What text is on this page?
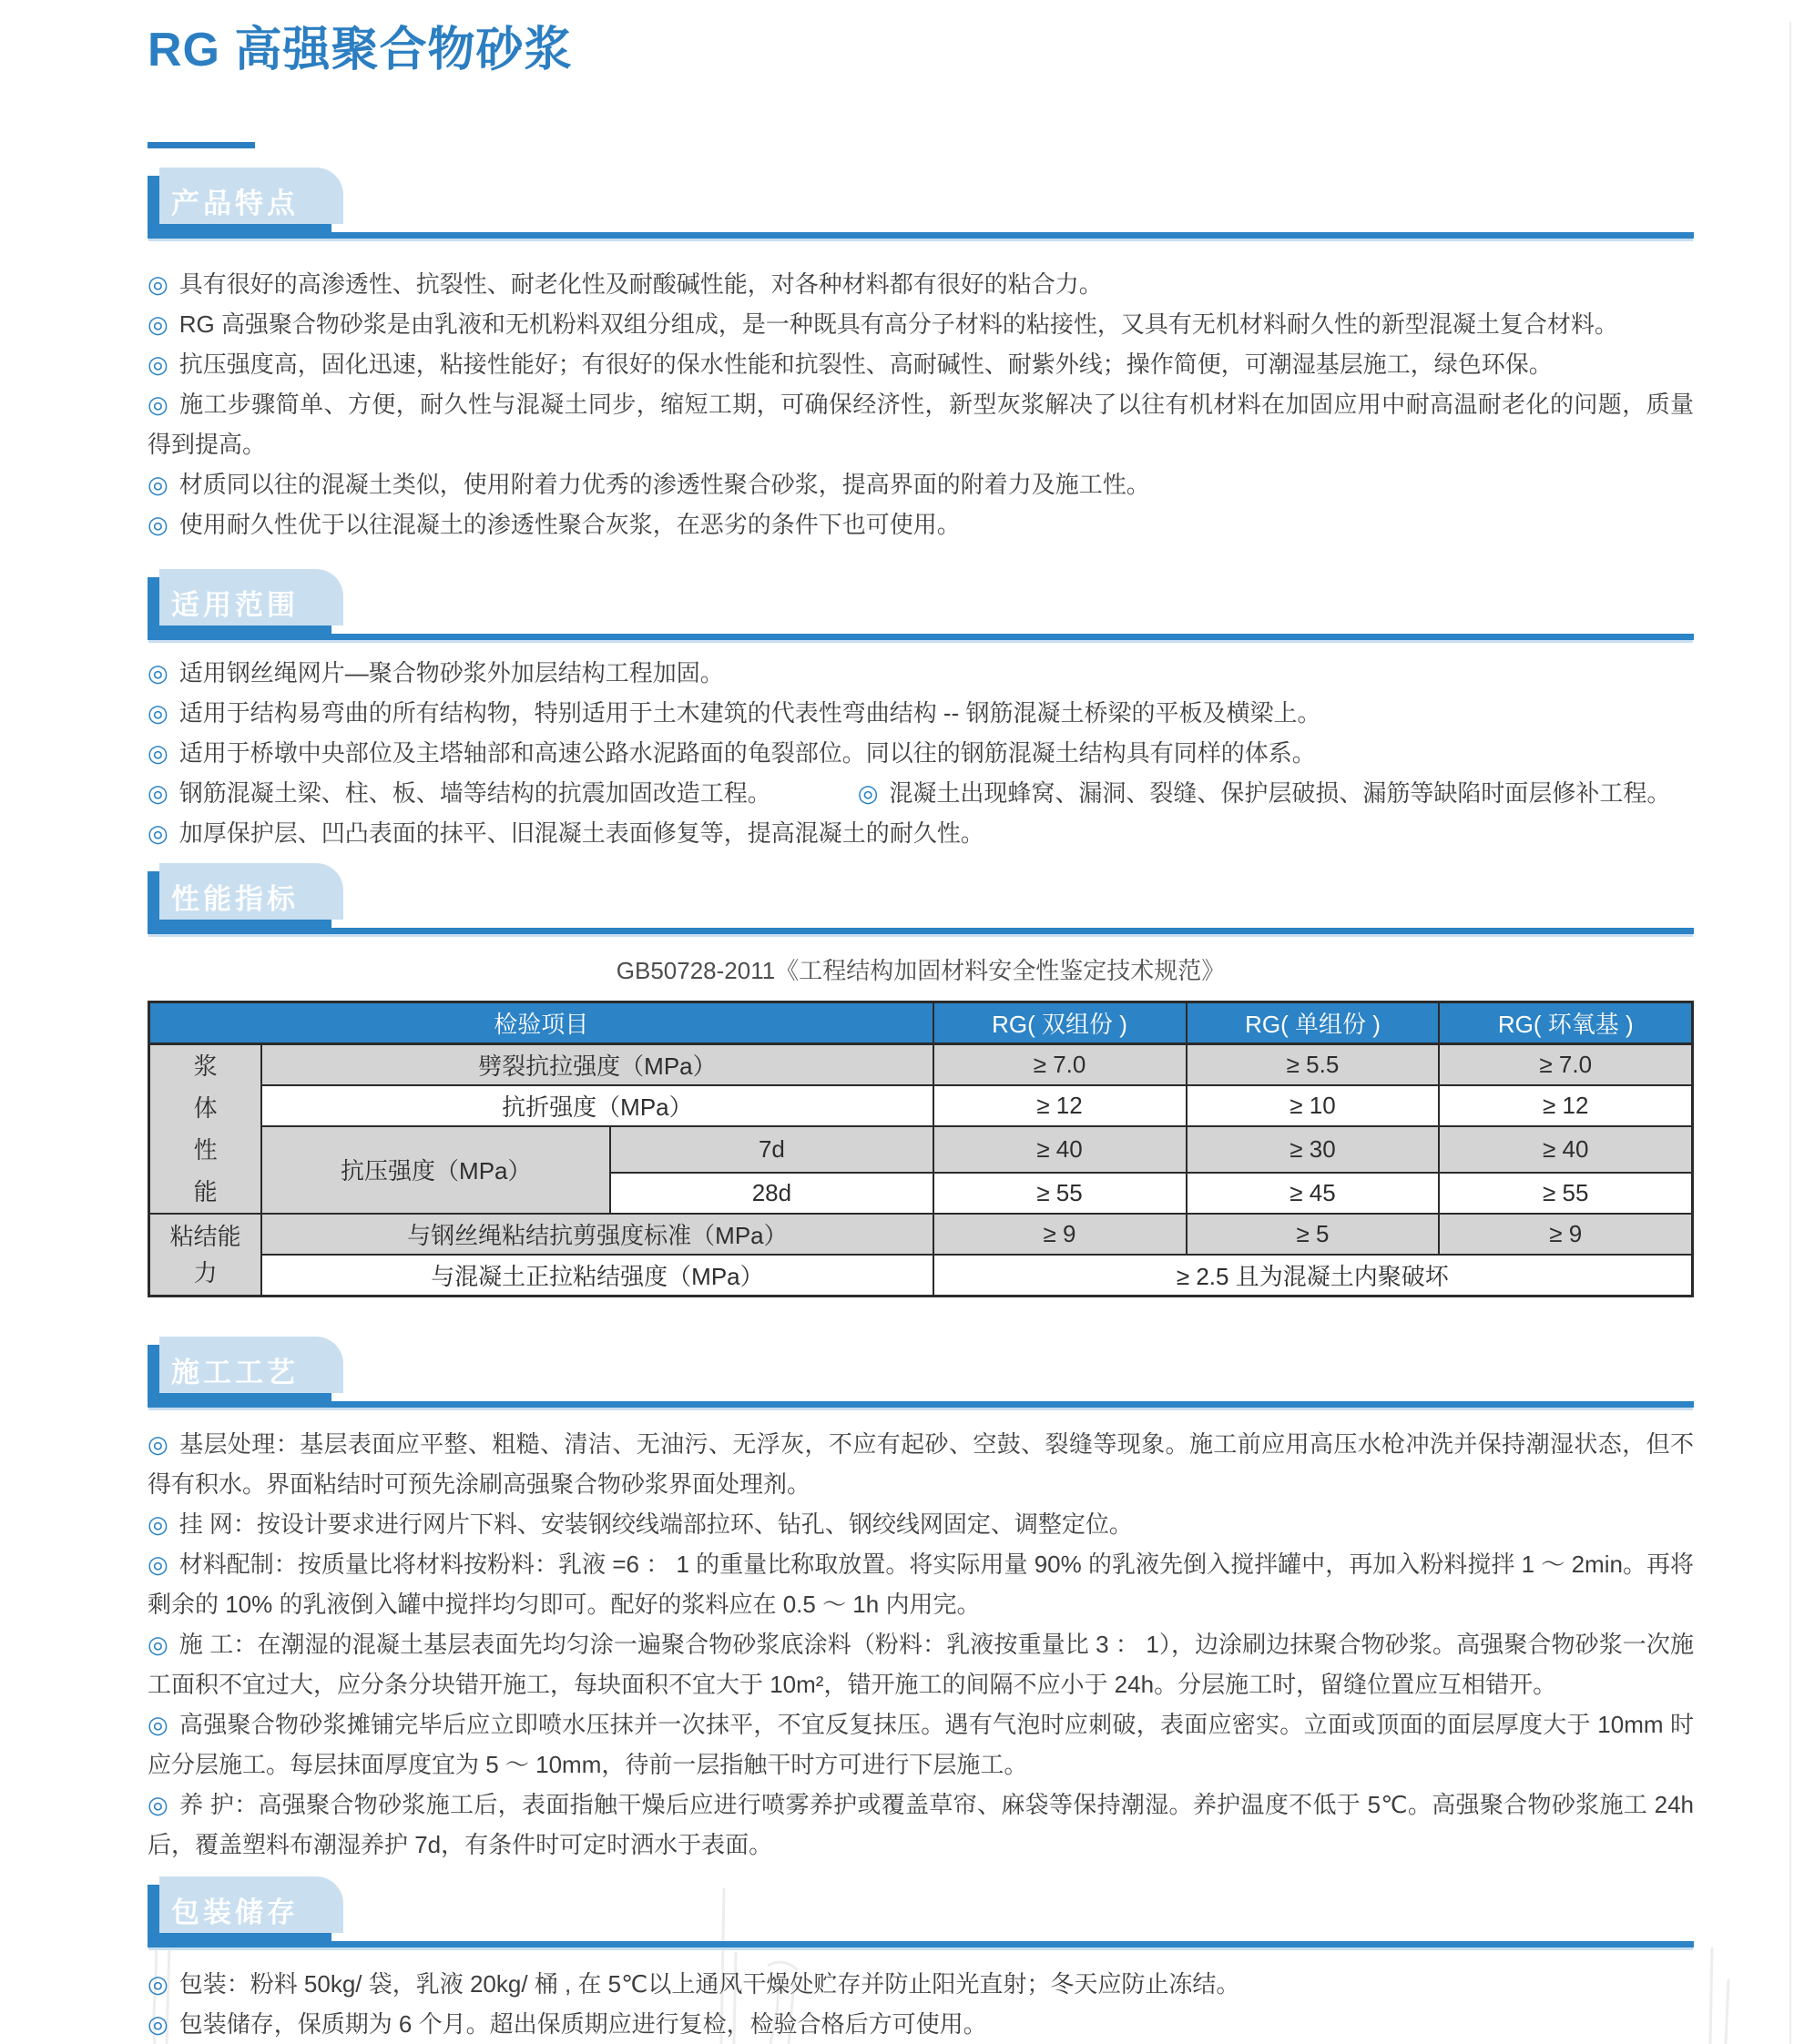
RG 高强聚合物砂浆
产品特点

◎ 具有很好的高渗透性、抗裂性、耐老化性及耐酸碱性能，对各种材料都有很好的粘合力。

◎ RG 高强聚合物砂浆是由乳液和无机粉料双组分组成，是一种既具有高分子材料的粘接性，又具有无机材料耐久性的新型混凝土复合材料。

◎ 抗压强度高，固化迅速，粘接性能好；有很好的保水性能和抗裂性、高耐碱性、耐紫外线；操作简便，可潮湿基层施工，绿色环保。

◎ 施工步骤简单、方便，耐久性与混凝土同步，缩短工期，可确保经济性，新型灰浆解决了以往有机材料在加固应用中耐高温耐老化的问题，质量得到提高。

◎ 材质同以往的混凝土类似，使用附着力优秀的渗透性聚合砂浆，提高界面的附着力及施工性。

◎ 使用耐久性优于以往混凝土的渗透性聚合灰浆，在恶劣的条件下也可使用。

适用范围

◎ 适用钢丝绳网片—聚合物砂浆外加层结构工程加固。

◎ 适用于结构易弯曲的所有结构物，特别适用于土木建筑的代表性弯曲结构 -- 钢筋混凝土桥梁的平板及横梁上。

◎ 适用于桥墩中央部位及主塔轴部和高速公路水泥路面的龟裂部位。同以往的钢筋混凝土结构具有同样的体系。

◎ 钢筋混凝土梁、柱、板、墙等结构的抗震加固改造工程。	◎ 混凝土出现蜂窝、漏洞、裂缝、保护层破损、漏筋等缺陷时面层修补工程。

◎ 加厚保护层、凹凸表面的抹平、旧混凝土表面修复等，提高混凝土的耐久性。

性能指标

GB50728-2011《工程结构加固材料安全性鉴定技术规范》

检验项目			RG( 双组份 )	RG( 单组份 )	RG( 环氧基 )
浆体性能	劈裂抗拉强度（MPa）		≥ 7.0	≥ 5.5	≥ 7.0
	抗折强度（MPa）		≥ 12	≥ 10	≥ 12
	抗压强度（MPa）	7d	≥ 40	≥ 30	≥ 40
		28d	≥ 55	≥ 45	≥ 55
粘结能力	与钢丝绳粘结抗剪强度标准（MPa）		≥ 9	≥ 5	≥ 9
	与混凝土正拉粘结强度（MPa）		≥ 2.5 且为混凝土内聚破坏		
施工工艺

◎ 基层处理：基层表面应平整、粗糙、清洁、无油污、无浮灰，不应有起砂、空鼓、裂缝等现象。施工前应用高压水枪冲洗并保持潮湿状态，但不得有积水。界面粘结时可预先涂刷高强聚合物砂浆界面处理剂。

◎ 挂 网：按设计要求进行网片下料、安装钢绞线端部拉环、钻孔、钢绞线网固定、调整定位。

◎ 材料配制：按质量比将材料按粉料：乳液 =6 ： 1 的重量比称取放置。将实际用量 90% 的乳液先倒入搅拌罐中，再加入粉料搅拌 1 ～ 2min。再将剩余的 10% 的乳液倒入罐中搅拌均匀即可。配好的浆料应在 0.5 ～ 1h 内用完。

◎ 施 工：在潮湿的混凝土基层表面先均匀涂一遍聚合物砂浆底涂料（粉料：乳液按重量比 3 ： 1），边涂刷边抹聚合物砂浆。高强聚合物砂浆一次施工面积不宜过大，应分条分块错开施工，每块面积不宜大于 10m²，错开施工的间隔不应小于 24h。分层施工时，留缝位置应互相错开。

◎ 高强聚合物砂浆摊铺完毕后应立即喷水压抹并一次抹平，不宜反复抹压。遇有气泡时应刺破，表面应密实。立面或顶面的面层厚度大于 10mm 时应分层施工。每层抹面厚度宜为 5 ～ 10mm，待前一层指触干时方可进行下层施工。

◎ 养 护：高强聚合物砂浆施工后，表面指触干燥后应进行喷雾养护或覆盖草帘、麻袋等保持潮湿。养护温度不低于 5℃。高强聚合物砂浆施工 24h 后，覆盖塑料布潮湿养护 7d，有条件时可定时洒水于表面。

包装储存

◎ 包装：粉料 50kg/ 袋，乳液 20kg/ 桶 , 在 5℃以上通风干燥处贮存并防止阳光直射；冬天应防止冻结。

◎ 包装储存，保质期为 6 个月。超出保质期应进行复检，检验合格后方可使用。
